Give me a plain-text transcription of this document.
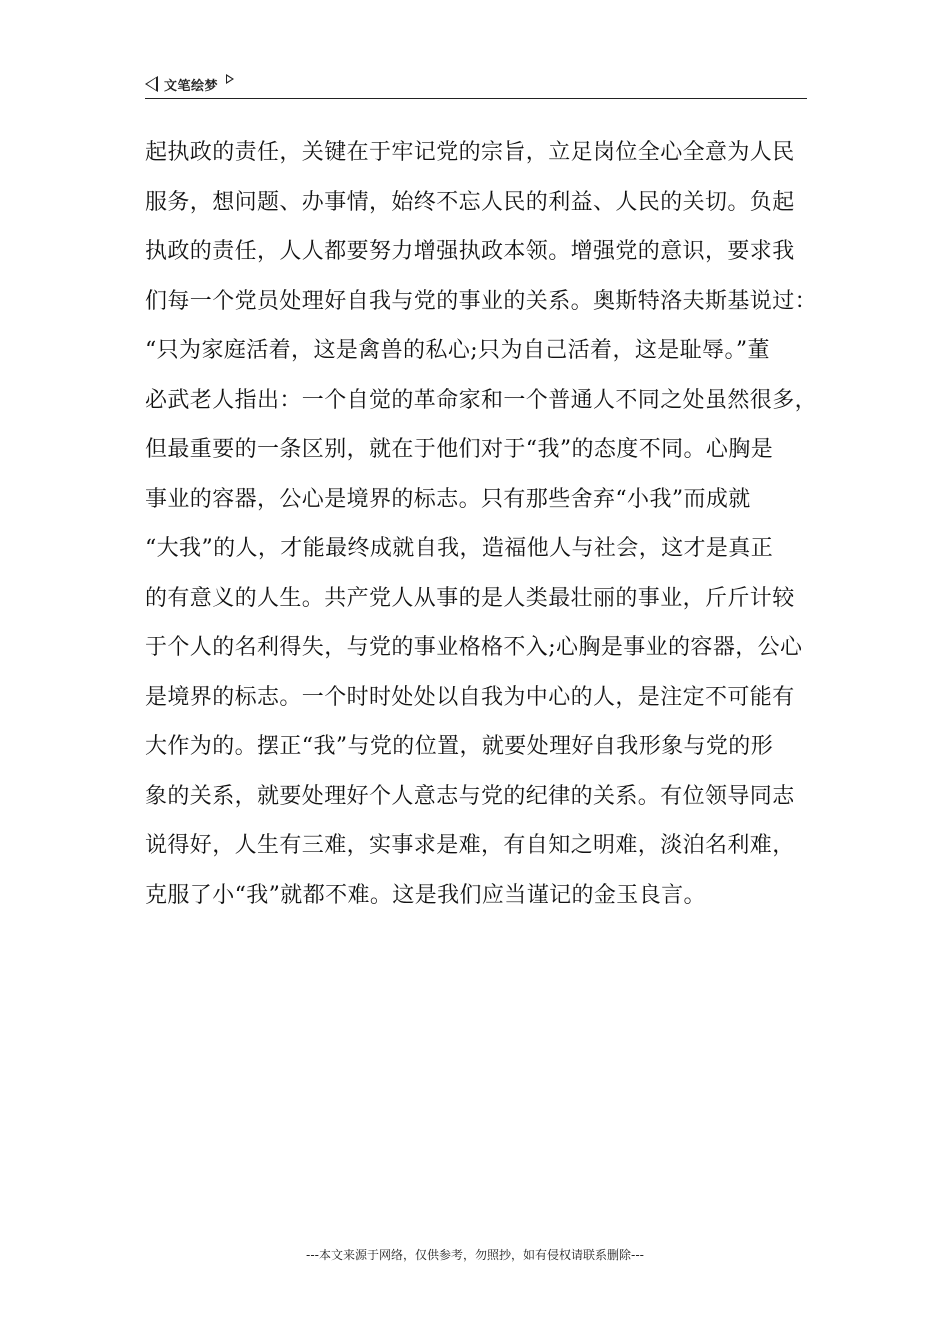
文笔绘梦
起执政的责任，关键在于牢记党的宗旨，立足岗位全心全意为人民
服务，想问题、办事情，始终不忘人民的利益、人民的关切。负起
执政的责任，人人都要努力增强执政本领。增强党的意识，要求我
们每一个党员处理好自我与党的事业的关系。奥斯特洛夫斯基说过：
“只为家庭活着，这是禽兽的私心;只为自己活着，这是耻辱。”董
必武老人指出：一个自觉的革命家和一个普通人不同之处虽然很多，
但最重要的一条区别，就在于他们对于“我”的态度不同。心胸是
事业的容器，公心是境界的标志。只有那些舍弃“小我”而成就
“大我”的人，才能最终成就自我，造福他人与社会，这才是真正
的有意义的人生。共产党人从事的是人类最壮丽的事业，斤斤计较
于个人的名利得失，与党的事业格格不入;心胸是事业的容器，公心
是境界的标志。一个时时处处以自我为中心的人，是注定不可能有
大作为的。摆正“我”与党的位置，就要处理好自我形象与党的形
象的关系，就要处理好个人意志与党的纪律的关系。有位领导同志
说得好，人生有三难，实事求是难，有自知之明难，淡泊名利难，
克服了小“我”就都不难。这是我们应当谨记的金玉良言。
---本文来源于网络，仅供参考，勿照抄，如有侵权请联系删除---
